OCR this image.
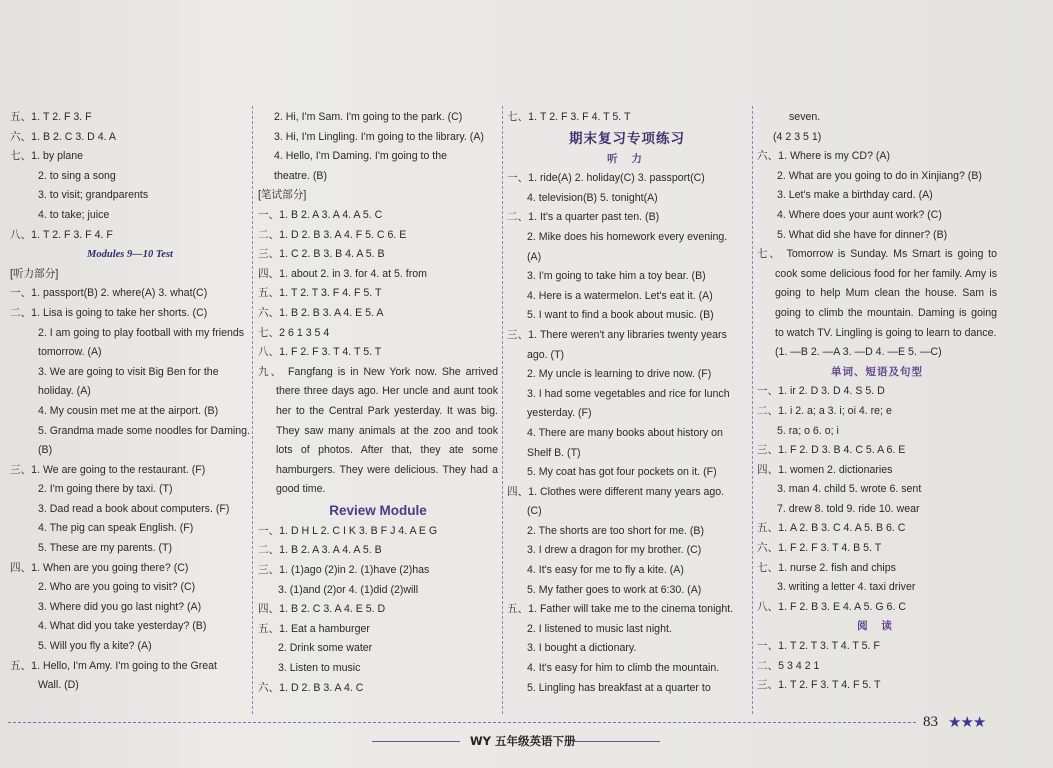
五、1. T 2. F 3. F
六、1. B 2. C 3. D 4. A
七、1. by plane
2. to sing a song
3. to visit; grandparents
4. to take; juice
八、1. T 2. F 3. F 4. F
Modules 9—10 Test
[听力部分]
一、1. passport(B) 2. where(A) 3. what(C)
二、1. Lisa is going to take her shorts. (C)
2. I am going to play football with my friends
tomorrow. (A)
3. We are going to visit Big Ben for the
holiday. (A)
4. My cousin met me at the airport. (B)
5. Grandma made some noodles for Daming.
(B)
三、1. We are going to the restaurant. (F)
2. I'm going there by taxi. (T)
3. Dad read a book about computers. (F)
4. The pig can speak English. (F)
5. These are my parents. (T)
四、1. When are you going there? (C)
2. Who are you going to visit? (C)
3. Where did you go last night? (A)
4. What did you take yesterday? (B)
5. Will you fly a kite? (A)
五、1. Hello, I'm Amy. I'm going to the Great
Wall. (D)
2. Hi, I'm Sam. I'm going to the park. (C)
3. Hi, I'm Lingling. I'm going to the library. (A)
4. Hello, I'm Daming. I'm going to the
theatre. (B)
[笔试部分]
一、1. B 2. A 3. A 4. A 5. C
二、1. D 2. B 3. A 4. F 5. C 6. E
三、1. C 2. B 3. B 4. A 5. B
四、1. about 2. in 3. for 4. at 5. from
五、1. T 2. T 3. F 4. F 5. T
六、1. B 2. B 3. A 4. E 5. A
七、2 6 1 3 5 4
八、1. F 2. F 3. T 4. T 5. T
九、 Fangfang is in New York now. She arrived there three days ago. Her uncle and aunt took her to the Central Park yesterday. It was big. They saw many animals at the zoo and took lots of photos. After that, they ate some hamburgers. They were delicious. They had a good time.
Review Module
一、1. D H L 2. C I K 3. B F J 4. A E G
二、1. B 2. A 3. A 4. A 5. B
三、1. (1)ago (2)in 2. (1)have (2)has
3. (1)and (2)or 4. (1)did (2)will
四、1. B 2. C 3. A 4. E 5. D
五、1. Eat a hamburger
2. Drink some water
3. Listen to music
六、1. D 2. B 3. A 4. C
七、1. T 2. F 3. F 4. T 5. T
期末复习专项练习
听 力
一、1. ride(A) 2. holiday(C) 3. passport(C)
4. television(B) 5. tonight(A)
二、1. It's a quarter past ten. (B)
2. Mike does his homework every evening.
(A)
3. I'm going to take him a toy bear. (B)
4. Here is a watermelon. Let's eat it. (A)
5. I want to find a book about music. (B)
三、1. There weren't any libraries twenty years
ago. (T)
2. My uncle is learning to drive now. (F)
3. I had some vegetables and rice for lunch
yesterday. (F)
4. There are many books about history on
Shelf B. (T)
5. My coat has got four pockets on it. (F)
四、1. Clothes were different many years ago.
(C)
2. The shorts are too short for me. (B)
3. I drew a dragon for my brother. (C)
4. It's easy for me to fly a kite. (A)
5. My father goes to work at 6:30. (A)
五、1. Father will take me to the cinema tonight.
2. I listened to music last night.
3. I bought a dictionary.
4. It's easy for him to climb the mountain.
5. Lingling has breakfast at a quarter to
seven.
(4 2 3 5 1)
六、1. Where is my CD? (A)
2. What are you going to do in Xinjiang? (B)
3. Let's make a birthday card. (A)
4. Where does your aunt work? (C)
5. What did she have for dinner? (B)
七、 Tomorrow is Sunday. Ms Smart is going to cook some delicious food for her family. Amy is going to help Mum clean the house. Sam is going to climb the mountain. Daming is going to watch TV. Lingling is going to learn to dance.
(1. —B 2. —A 3. —D 4. —E 5. —C)
单词、短语及句型
一、1. ir 2. D 3. D 4. S 5. D
二、1. i 2. a; a 3. i; oi 4. re; e
5. ra; o 6. o; i
三、1. F 2. D 3. B 4. C 5. A 6. E
四、1. women 2. dictionaries
3. man 4. child 5. wrote 6. sent
7. drew 8. told 9. ride 10. wear
五、1. A 2. B 3. C 4. A 5. B 6. C
六、1. F 2. F 3. T 4. B 5. T
七、1. nurse 2. fish and chips
3. writing a letter 4. taxi driver
八、1. F 2. B 3. E 4. A 5. G 6. C
阅 读
一、1. T 2. T 3. T 4. T 5. F
二、5 3 4 2 1
三、1. T 2. F 3. T 4. F 5. T
83 ★★★
WY 五年级英语下册
